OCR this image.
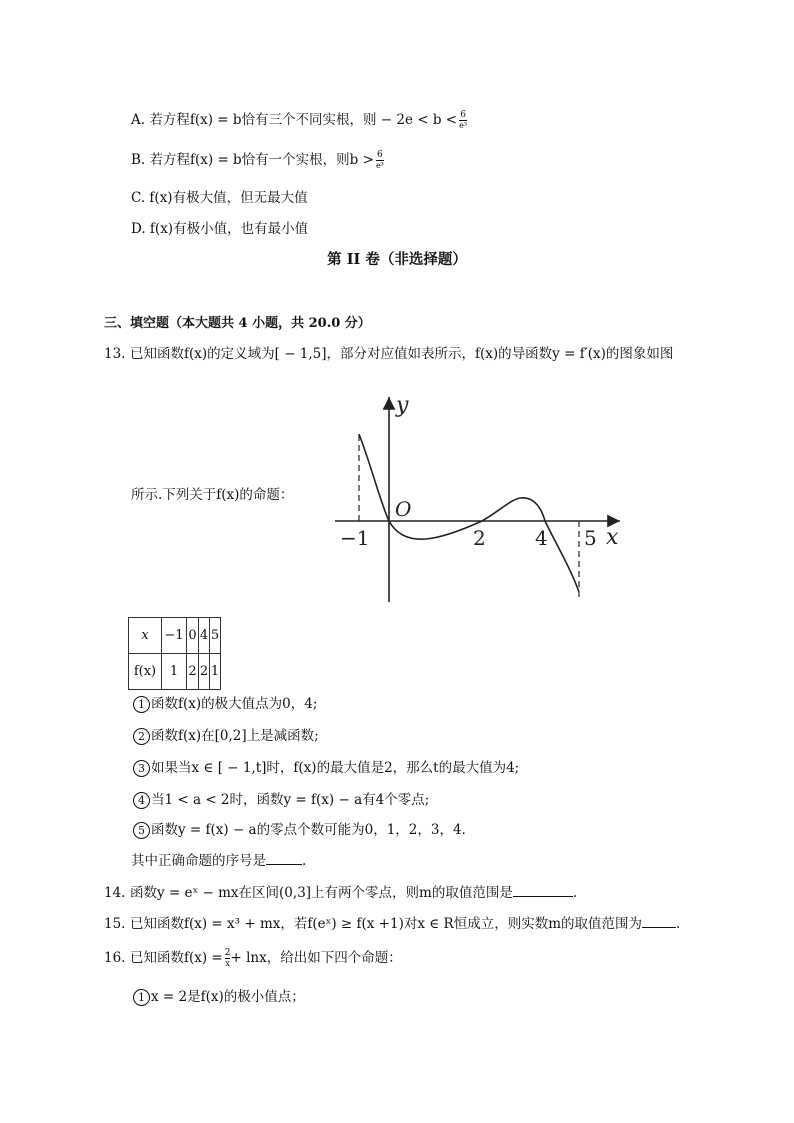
A. 若方程f(x) = b恰有三个不同实根，则 − $2e < b < \frac{6}{\text{e³}}$
B. 若方程f(x) = b恰有一个实根，则$b > \frac{6}{\text{e³}}$
C. f(x)有极大值，但无最大值
D. f(x)有极小值，也有最小值
第 II 卷（非选择题）
三、填空题（本大题共 4 小题，共 20.0 分）
13. 已知函数f(x)的定义域为[ − 1,5]，部分对应值如表所示，f(x)的导函数y = f′(x)的图象如图
所示.下列关于f(x)的命题：
y
x
O
−1	2 4 5
x	−1	0	4	5
f(x)	1	2	2	1
1 函数f(x)的极大值点为0，4;
2 函数f(x)在[0,2]上是减函数;
3 如果当x ∈ [ − 1,t]时，f(x)的最大值是2，那么t的最大值为4;
4 当1 < a < 2时，函数y = f(x) − a有4个零点;
5 函数y = f(x) − a的零点个数可能为0，1，2，3，4.
其中正确命题的序号是	.
14. 函数y = eˣ − mx在区间(0,3]上有两个零点，则m的取值范围是	.
15. 已知函数f(x) = x³ + mx，若f(eˣ) ≥ f(x +1)对x ∈ R恒成立，则实数m的取值范围为	.
16. 已知函数$f(x) = \frac{2}{x} + \ln x$，给出如下四个命题：
1 x = 2是f(x)的极小值点；
